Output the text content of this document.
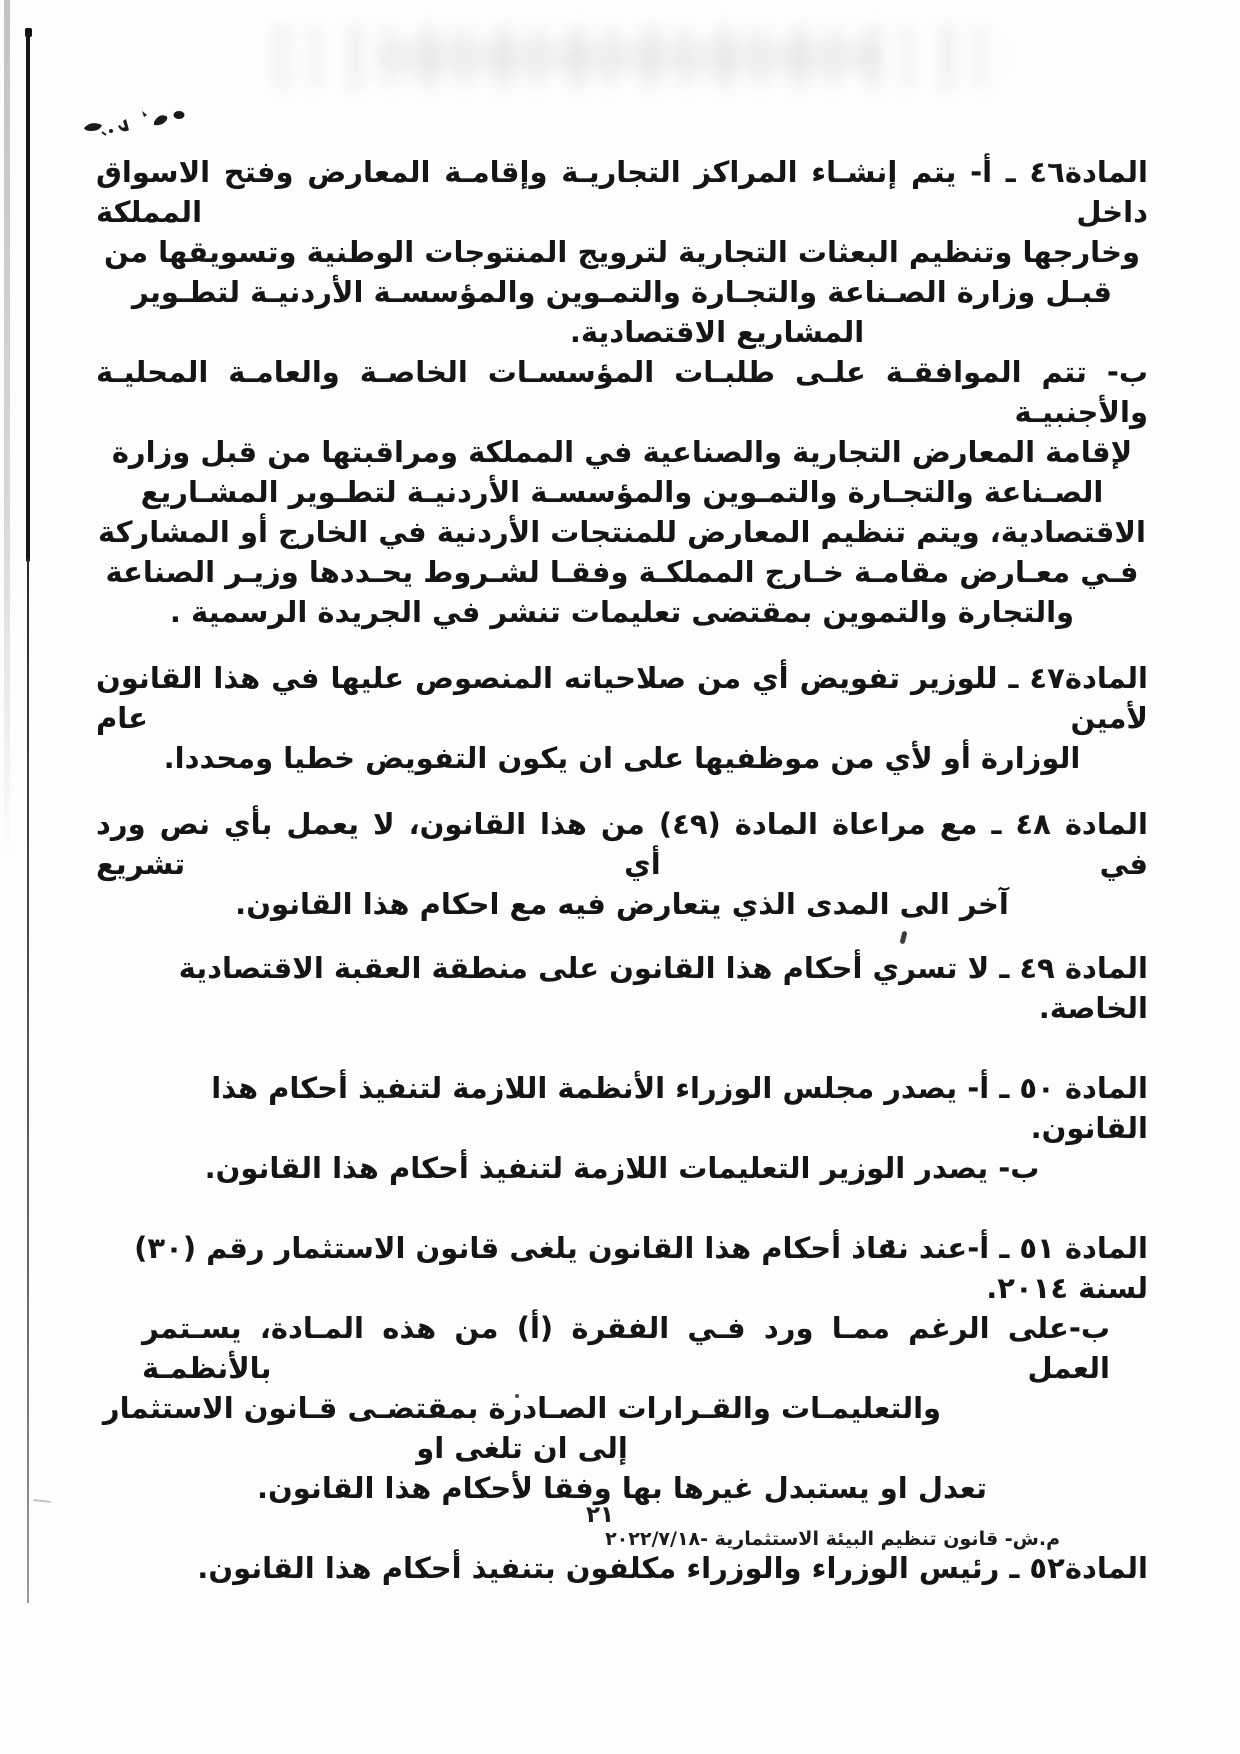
المادة٤٦ ـ أ- يتم إنشـاء المراكز التجاريـة وإقامـة المعارض وفتح الاسواق داخل المملكة

وخارجها وتنظيم البعثات التجارية لترويج المنتوجات الوطنية وتسويقها من

قبـل وزارة الصـناعة والتجـارة والتمـوين والمؤسسـة الأردنيـة لتطـوير

المشاريع الاقتصادية.

ب- تتم الموافقـة علـى طلبـات المؤسسـات الخاصـة والعامـة المحليـة والأجنبيـة

لإقامة المعارض التجارية والصناعية في المملكة ومراقبتها من قبل وزارة

الصـناعة والتجـارة والتمـوين والمؤسسـة الأردنيـة لتطـوير المشـاريع

الاقتصادية، ويتم تنظيم المعارض للمنتجات الأردنية في الخارج أو المشاركة

فـي معـارض مقامـة خـارج المملكـة وفقـا لشـروط يحـددها وزيـر الصناعة

والتجارة والتموين بمقتضى تعليمات تنشر في الجريدة الرسمية .

المادة٤٧ ـ للوزير تفويض أي من صلاحياته المنصوص عليها في هذا القانون لأمين عام

الوزارة أو لأي من موظفيها على ان يكون التفويض خطيا ومحددا.

المادة ٤٨ ـ مع مراعاة المادة (٤٩) من هذا القانون، لا يعمل بأي نص ورد في أي تشريع

آخر الى المدى الذي يتعارض فيه مع احكام هذا القانون.

المادة ٤٩ ـ لا تسري أحكام هذا القانون على منطقة العقبة الاقتصادية الخاصة.

المادة ٥٠ ـ أ- يصدر مجلس الوزراء الأنظمة اللازمة لتنفيذ أحكام هذا القانون.

ب- يصدر الوزير التعليمات اللازمة لتنفيذ أحكام هذا القانون.

المادة ٥١ ـ أ-عند نفاذ أحكام هذا القانون يلغى قانون الاستثمار رقم (٣٠) لسنة ٢٠١٤.

ب-على الرغم ممـا ورد فـي الفقرة (أ) من هذه المـادة، يسـتمر العمل بالأنظمـة

والتعليمـات والقـرارات الصـادرة بمقتضـى قـانون الاستثمار إلى ان تلغى او

تعدل او يستبدل غيرها بها وفقا لأحكام هذا القانون.

المادة٥٢ ـ رئيس الوزراء والوزراء مكلفون بتنفيذ أحكام هذا القانون.

٢١
م.ش- قانون تنظيم البيئة الاستثمارية -٢٠٢٢/٧/١٨
